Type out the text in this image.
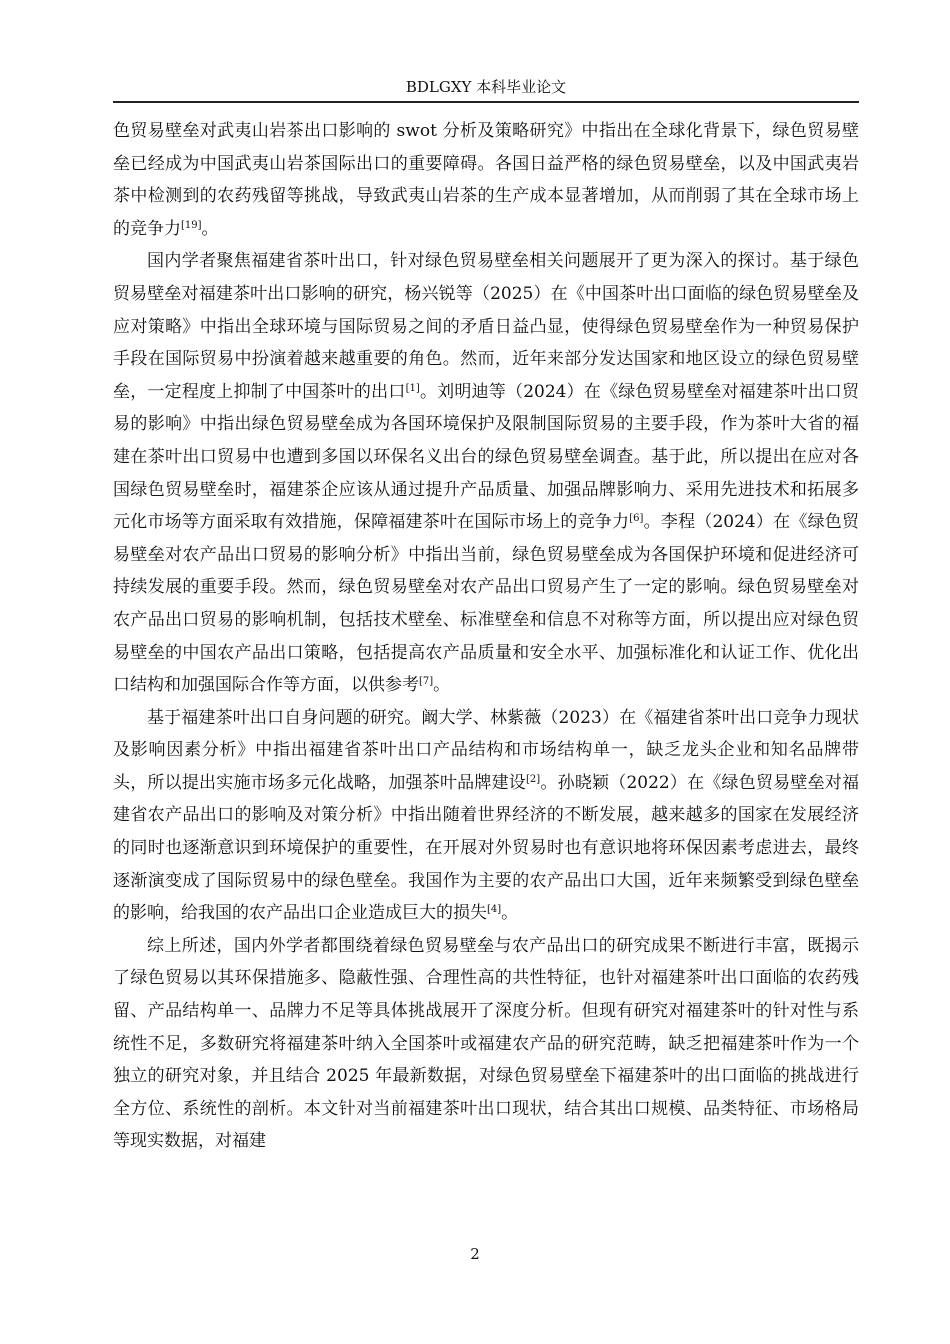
BDLGXY 本科毕业论文

色贸易壁垒对武夷山岩茶出口影响的 swot 分析及策略研究》中指出在全球化背景下，绿色贸易壁垒已经成为中国武夷山岩茶国际出口的重要障碍。各国日益严格的绿色贸易壁垒，以及中国武夷岩茶中检测到的农药残留等挑战，导致武夷山岩茶的生产成本显著增加，从而削弱了其在全球市场上的竞争力[19]。

国内学者聚焦福建省茶叶出口，针对绿色贸易壁垒相关问题展开了更为深入的探讨。基于绿色贸易壁垒对福建茶叶出口影响的研究，杨兴锐等（2025）在《中国茶叶出口面临的绿色贸易壁垒及应对策略》中指出全球环境与国际贸易之间的矛盾日益凸显，使得绿色贸易壁垒作为一种贸易保护手段在国际贸易中扮演着越来越重要的角色。然而，近年来部分发达国家和地区设立的绿色贸易壁垒，一定程度上抑制了中国茶叶的出口[1]。刘明迪等（2024）在《绿色贸易壁垒对福建茶叶出口贸易的影响》中指出绿色贸易壁垒成为各国环境保护及限制国际贸易的主要手段，作为茶叶大省的福建在茶叶出口贸易中也遭到多国以环保名义出台的绿色贸易壁垒调查。基于此，所以提出在应对各国绿色贸易壁垒时，福建茶企应该从通过提升产品质量、加强品牌影响力、采用先进技术和拓展多元化市场等方面采取有效措施，保障福建茶叶在国际市场上的竞争力[6]。李程（2024）在《绿色贸易壁垒对农产品出口贸易的影响分析》中指出当前，绿色贸易壁垒成为各国保护环境和促进经济可持续发展的重要手段。然而，绿色贸易壁垒对农产品出口贸易产生了一定的影响。绿色贸易壁垒对农产品出口贸易的影响机制，包括技术壁垒、标准壁垒和信息不对称等方面，所以提出应对绿色贸易壁垒的中国农产品出口策略，包括提高农产品质量和安全水平、加强标准化和认证工作、优化出口结构和加强国际合作等方面，以供参考[7]。

基于福建茶叶出口自身问题的研究。阚大学、林紫薇（2023）在《福建省茶叶出口竞争力现状及影响因素分析》中指出福建省茶叶出口产品结构和市场结构单一，缺乏龙头企业和知名品牌带头，所以提出实施市场多元化战略，加强茶叶品牌建设[2]。孙晓颖（2022）在《绿色贸易壁垒对福建省农产品出口的影响及对策分析》中指出随着世界经济的不断发展，越来越多的国家在发展经济的同时也逐渐意识到环境保护的重要性，在开展对外贸易时也有意识地将环保因素考虑进去，最终逐渐演变成了国际贸易中的绿色壁垒。我国作为主要的农产品出口大国，近年来频繁受到绿色壁垒的影响，给我国的农产品出口企业造成巨大的损失[4]。

综上所述，国内外学者都围绕着绿色贸易壁垒与农产品出口的研究成果不断进行丰富，既揭示了绿色贸易以其环保措施多、隐蔽性强、合理性高的共性特征，也针对福建茶叶出口面临的农药残留、产品结构单一、品牌力不足等具体挑战展开了深度分析。但现有研究对福建茶叶的针对性与系统性不足，多数研究将福建茶叶纳入全国茶叶或福建农产品的研究范畴，缺乏把福建茶叶作为一个独立的研究对象，并且结合 2025 年最新数据，对绿色贸易壁垒下福建茶叶的出口面临的挑战进行全方位、系统性的剖析。本文针对当前福建茶叶出口现状，结合其出口规模、品类特征、市场格局等现实数据，对福建

2
